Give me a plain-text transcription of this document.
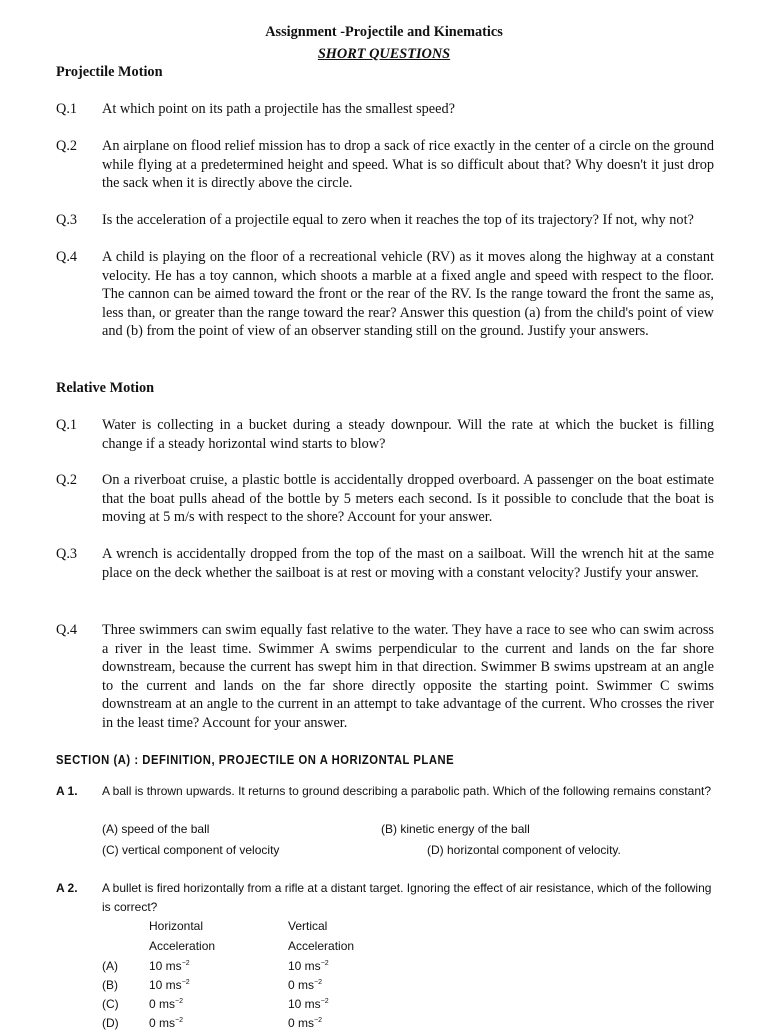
Assignment -Projectile and Kinematics
SHORT QUESTIONS
Projectile Motion
Q.1 At which point on its path a projectile has the smallest speed?
Q.2 An airplane on flood relief mission has to drop a sack of rice exactly in the center of a circle on the ground while flying at a predetermined height and speed. What is so difficult about that? Why doesn't it just drop the sack when it is directly above the circle.
Q.3 Is the acceleration of a projectile equal to zero when it reaches the top of its trajectory? If not, why not?
Q.4 A child is playing on the floor of a recreational vehicle (RV) as it moves along the highway at a constant velocity. He has a toy cannon, which shoots a marble at a fixed angle and speed with respect to the floor. The cannon can be aimed toward the front or the rear of the RV. Is the range toward the front the same as, less than, or greater than the range toward the rear? Answer this question (a) from the child's point of view and (b) from the point of view of an observer standing still on the ground. Justify your answers.
Relative Motion
Q.1 Water is collecting in a bucket during a steady downpour. Will the rate at which the bucket is filling change if a steady horizontal wind starts to blow?
Q.2 On a riverboat cruise, a plastic bottle is accidentally dropped overboard. A passenger on the boat estimate that the boat pulls ahead of the bottle by 5 meters each second. Is it possible to conclude that the boat is moving at 5 m/s with respect to the shore? Account for your answer.
Q.3 A wrench is accidentally dropped from the top of the mast on a sailboat. Will the wrench hit at the same place on the deck whether the sailboat is at rest or moving with a constant velocity? Justify your answer.
Q.4 Three swimmers can swim equally fast relative to the water. They have a race to see who can swim across a river in the least time. Swimmer A swims perpendicular to the current and lands on the far shore downstream, because the current has swept him in that direction. Swimmer B swims upstream at an angle to the current and lands on the far shore directly opposite the starting point. Swimmer C swims downstream at an angle to the current in an attempt to take advantage of the current. Who crosses the river in the least time? Account for your answer.
SECTION (A) : DEFINITION, PROJECTILE ON A HORIZONTAL PLANE
A 1. A ball is thrown upwards. It returns to ground describing a parabolic path. Which of the following remains constant?
(A) speed of the ball	(B) kinetic energy of the ball
(C) vertical component of velocity	(D) horizontal component of velocity.
A 2. A bullet is fired horizontally from a rifle at a distant target. Ignoring the effect of air resistance, which of the following is correct?
Horizontal	Vertical
Acceleration	Acceleration
(A)	10 $ms^{-2}$	10 $ms^{-2}$
(B)	10 $ms^{-2}$	0 $ms^{-2}$
(C)	0 $ms^{-2}$	10 $ms^{-2}$
(D)	0 $ms^{-2}$	0 $ms^{-2}$
